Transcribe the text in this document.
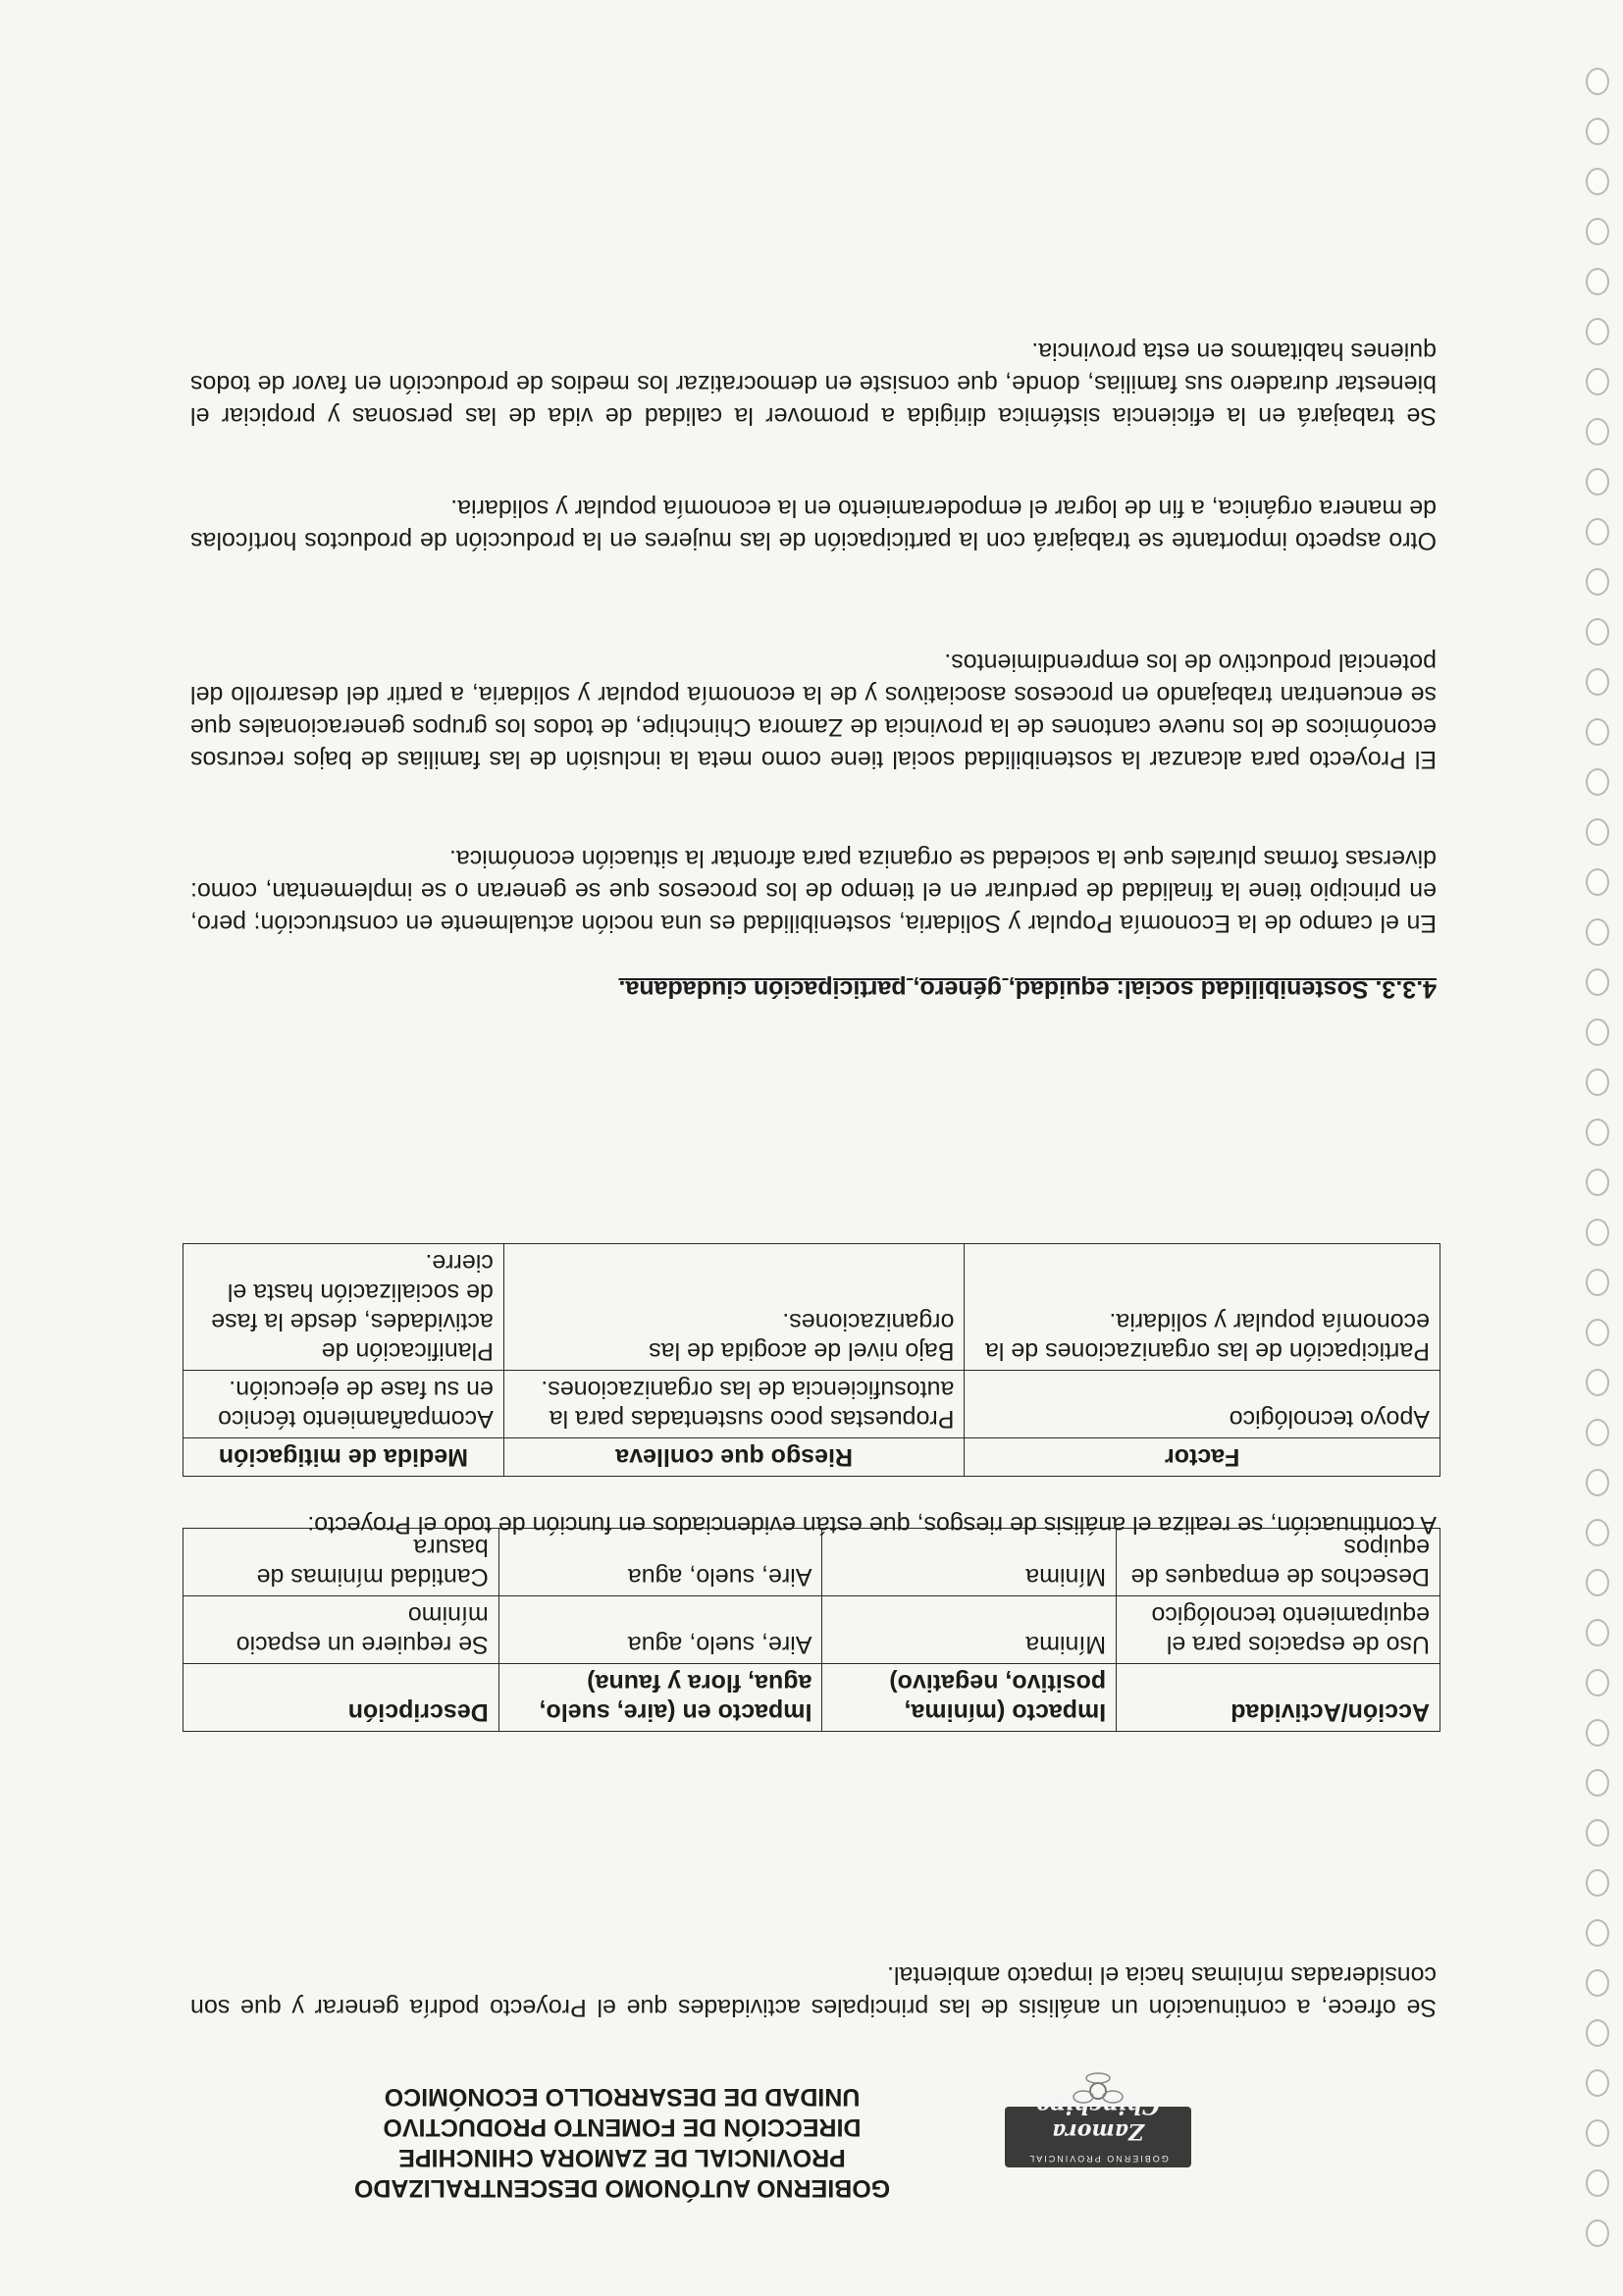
GOBIERNO PROVINCIAL
Zamora Chinchipe
GOBIERNO AUTÓNOMO DESCENTRALIZADO
PROVINCIAL DE ZAMORA CHINCHIPE
DIRECCIÓN DE FOMENTO PRODUCTIVO
UNIDAD DE DESARROLLO ECONÓMICO

Se ofrece, a continuación un análisis de las principales actividades que el Proyecto podría generar y que son consideradas mínimas hacia el impacto ambiental.

Acción/Actividad	Impacto (mínima, positivo, negativo)	Impacto en (aire, suelo, agua, flora y fauna)	Descripción
Uso de espacios para el equipamiento tecnológico	Mínima	Aire, suelo, agua	Se requiere un espacio mínimo
Desechos de empaques de equipos	Mínima	Aire, suelo, agua	Cantidad mínimas de basura

A continuación, se realiza el análisis de riesgos, que están evidenciados en función de todo el Proyecto:

Factor	Riesgo que conlleva	Medida de mitigación
Apoyo tecnológico	Propuestas poco sustentadas para la autosuficiencia de las organizaciones.	Acompañamiento técnico en su fase de ejecución.
Participación de las organizaciones de la economía popular y solidaria.	Bajo nivel de acogida de las organizaciones.	Planificación de actividades, desde la fase de socialización hasta el cierre.
4.3.3. Sostenibilidad social: equidad, género, participación ciudadana.

En el campo de la Economía Popular y Solidaria, sostenibilidad es una noción actualmente en construcción; pero, en principio tiene la finalidad de perdurar en el tiempo de los procesos que se generan o se implementan, como: diversas formas plurales que la sociedad se organiza para afrontar la situación económica.

El Proyecto para alcanzar la sostenibilidad social tiene como meta la inclusión de las familias de bajos recursos económicos de los nueve cantones de la provincia de Zamora Chinchipe, de todos los grupos generacionales que se encuentran trabajando en procesos asociativos y de la economía popular y solidaria, a partir del desarrollo del potencial productivo de los emprendimientos.

Otro aspecto importante se trabajará con la participación de las mujeres en la producción de productos hortícolas de manera orgánica, a fin de lograr el empoderamiento en la economía popular y solidaria.

Se trabajará en la eficiencia sistémica dirigida a promover la calidad de vida de las personas y propiciar el bienestar duradero sus familias, donde, que consiste en democratizar los medios de producción en favor de todos quienes habitamos en esta provincia.
